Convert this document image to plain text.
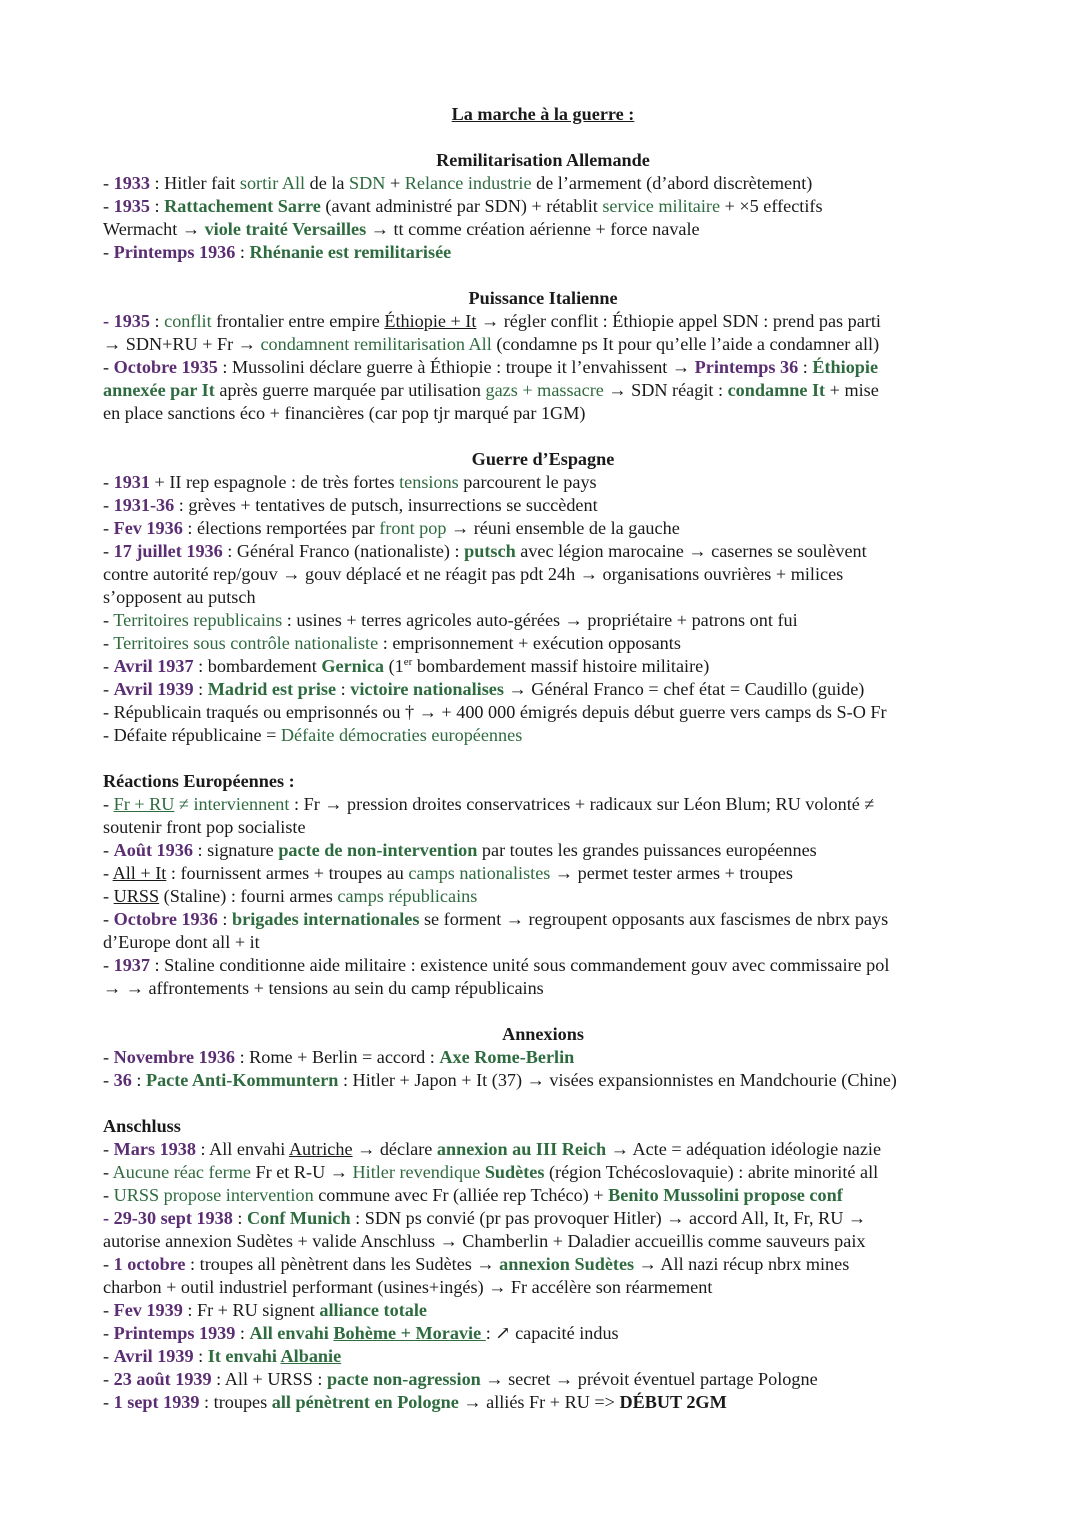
La marche à la guerre :

Remilitarisation Allemande

- 1933 : Hitler fait sortir All de la SDN + Relance industrie de l’armement (d’abord discrètement)

- 1935 : Rattachement Sarre (avant administré par SDN) + rétablit service militaire + ×5 effectifs

Wermacht → viole traité Versailles → tt comme création aérienne + force navale

- Printemps 1936 : Rhénanie est remilitarisée

Puissance Italienne

- 1935 : conflit frontalier entre empire Éthiopie + It → régler conflit : Éthiopie appel SDN : prend pas parti

→ SDN+RU + Fr → condamnent remilitarisation All (condamne ps It pour qu’elle l’aide a condamner all)

- Octobre 1935 : Mussolini déclare guerre à Éthiopie : troupe it l’envahissent → Printemps 36 : Éthiopie

annexée par It après guerre marquée par utilisation gazs + massacre → SDN réagit : condamne It + mise

en place sanctions éco + financières (car pop tjr marqué par 1GM)

Guerre d’Espagne

- 1931 + II rep espagnole : de très fortes tensions parcourent le pays

- 1931-36 : grèves + tentatives de putsch, insurrections se succèdent

- Fev 1936 : élections remportées par front pop → réuni ensemble de la gauche

- 17 juillet 1936 : Général Franco (nationaliste) : putsch avec légion marocaine → casernes se soulèvent

contre autorité rep/gouv → gouv déplacé et ne réagit pas pdt 24h → organisations ouvrières + milices

s’opposent au putsch

- Territoires republicains : usines + terres agricoles auto-gérées → propriétaire + patrons ont fui

- Territoires sous contrôle nationaliste : emprisonnement + exécution opposants

- Avril 1937 : bombardement Gernica (1er bombardement massif histoire militaire)

- Avril 1939 : Madrid est prise : victoire nationalises → Général Franco = chef état = Caudillo (guide)

- Républicain traqués ou emprisonnés ou † → + 400 000 émigrés depuis début guerre vers camps ds S-O Fr

- Défaite républicaine = Défaite démocraties européennes

Réactions Européennes :

- Fr + RU ≠ interviennent : Fr → pression droites conservatrices + radicaux sur Léon Blum; RU volonté ≠

soutenir front pop socialiste

- Août 1936 : signature pacte de non-intervention par toutes les grandes puissances européennes

- All + It : fournissent armes + troupes au camps nationalistes → permet tester armes + troupes

- URSS (Staline) : fourni armes camps républicains

- Octobre 1936 : brigades internationales se forment → regroupent opposants aux fascismes de nbrx pays

d’Europe dont all + it

- 1937 : Staline conditionne aide militaire : existence unité sous commandement gouv avec commissaire pol

→ → affrontements + tensions au sein du camp républicains

Annexions

- Novembre 1936 : Rome + Berlin = accord : Axe Rome-Berlin

- 36 : Pacte Anti-Kommuntern : Hitler + Japon + It (37) → visées expansionnistes en Mandchourie (Chine)

Anschluss

- Mars 1938 : All envahi Autriche → déclare annexion au III Reich → Acte = adéquation idéologie nazie

- Aucune réac ferme Fr et R-U → Hitler revendique Sudètes (région Tchécoslovaquie) : abrite minorité all

- URSS propose intervention commune avec Fr (alliée rep Tchéco) + Benito Mussolini propose conf

- 29-30 sept 1938 : Conf Munich : SDN ps convié (pr pas provoquer Hitler) → accord All, It, Fr, RU →

autorise annexion Sudètes + valide Anschluss → Chamberlin + Daladier accueillis comme sauveurs paix

- 1 octobre : troupes all pènètrent dans les Sudètes → annexion Sudètes → All nazi récup nbrx mines

charbon + outil industriel performant (usines+ingés) → Fr accélère son réarmement

- Fev 1939 : Fr + RU signent alliance totale

- Printemps 1939 : All envahi Bohème + Moravie : ↗ capacité indus

- Avril 1939 : It envahi Albanie

- 23 août 1939 : All + URSS : pacte non-agression → secret → prévoit éventuel partage Pologne

- 1 sept 1939 : troupes all pénètrent en Pologne → alliés Fr + RU => DÉBUT 2GM
